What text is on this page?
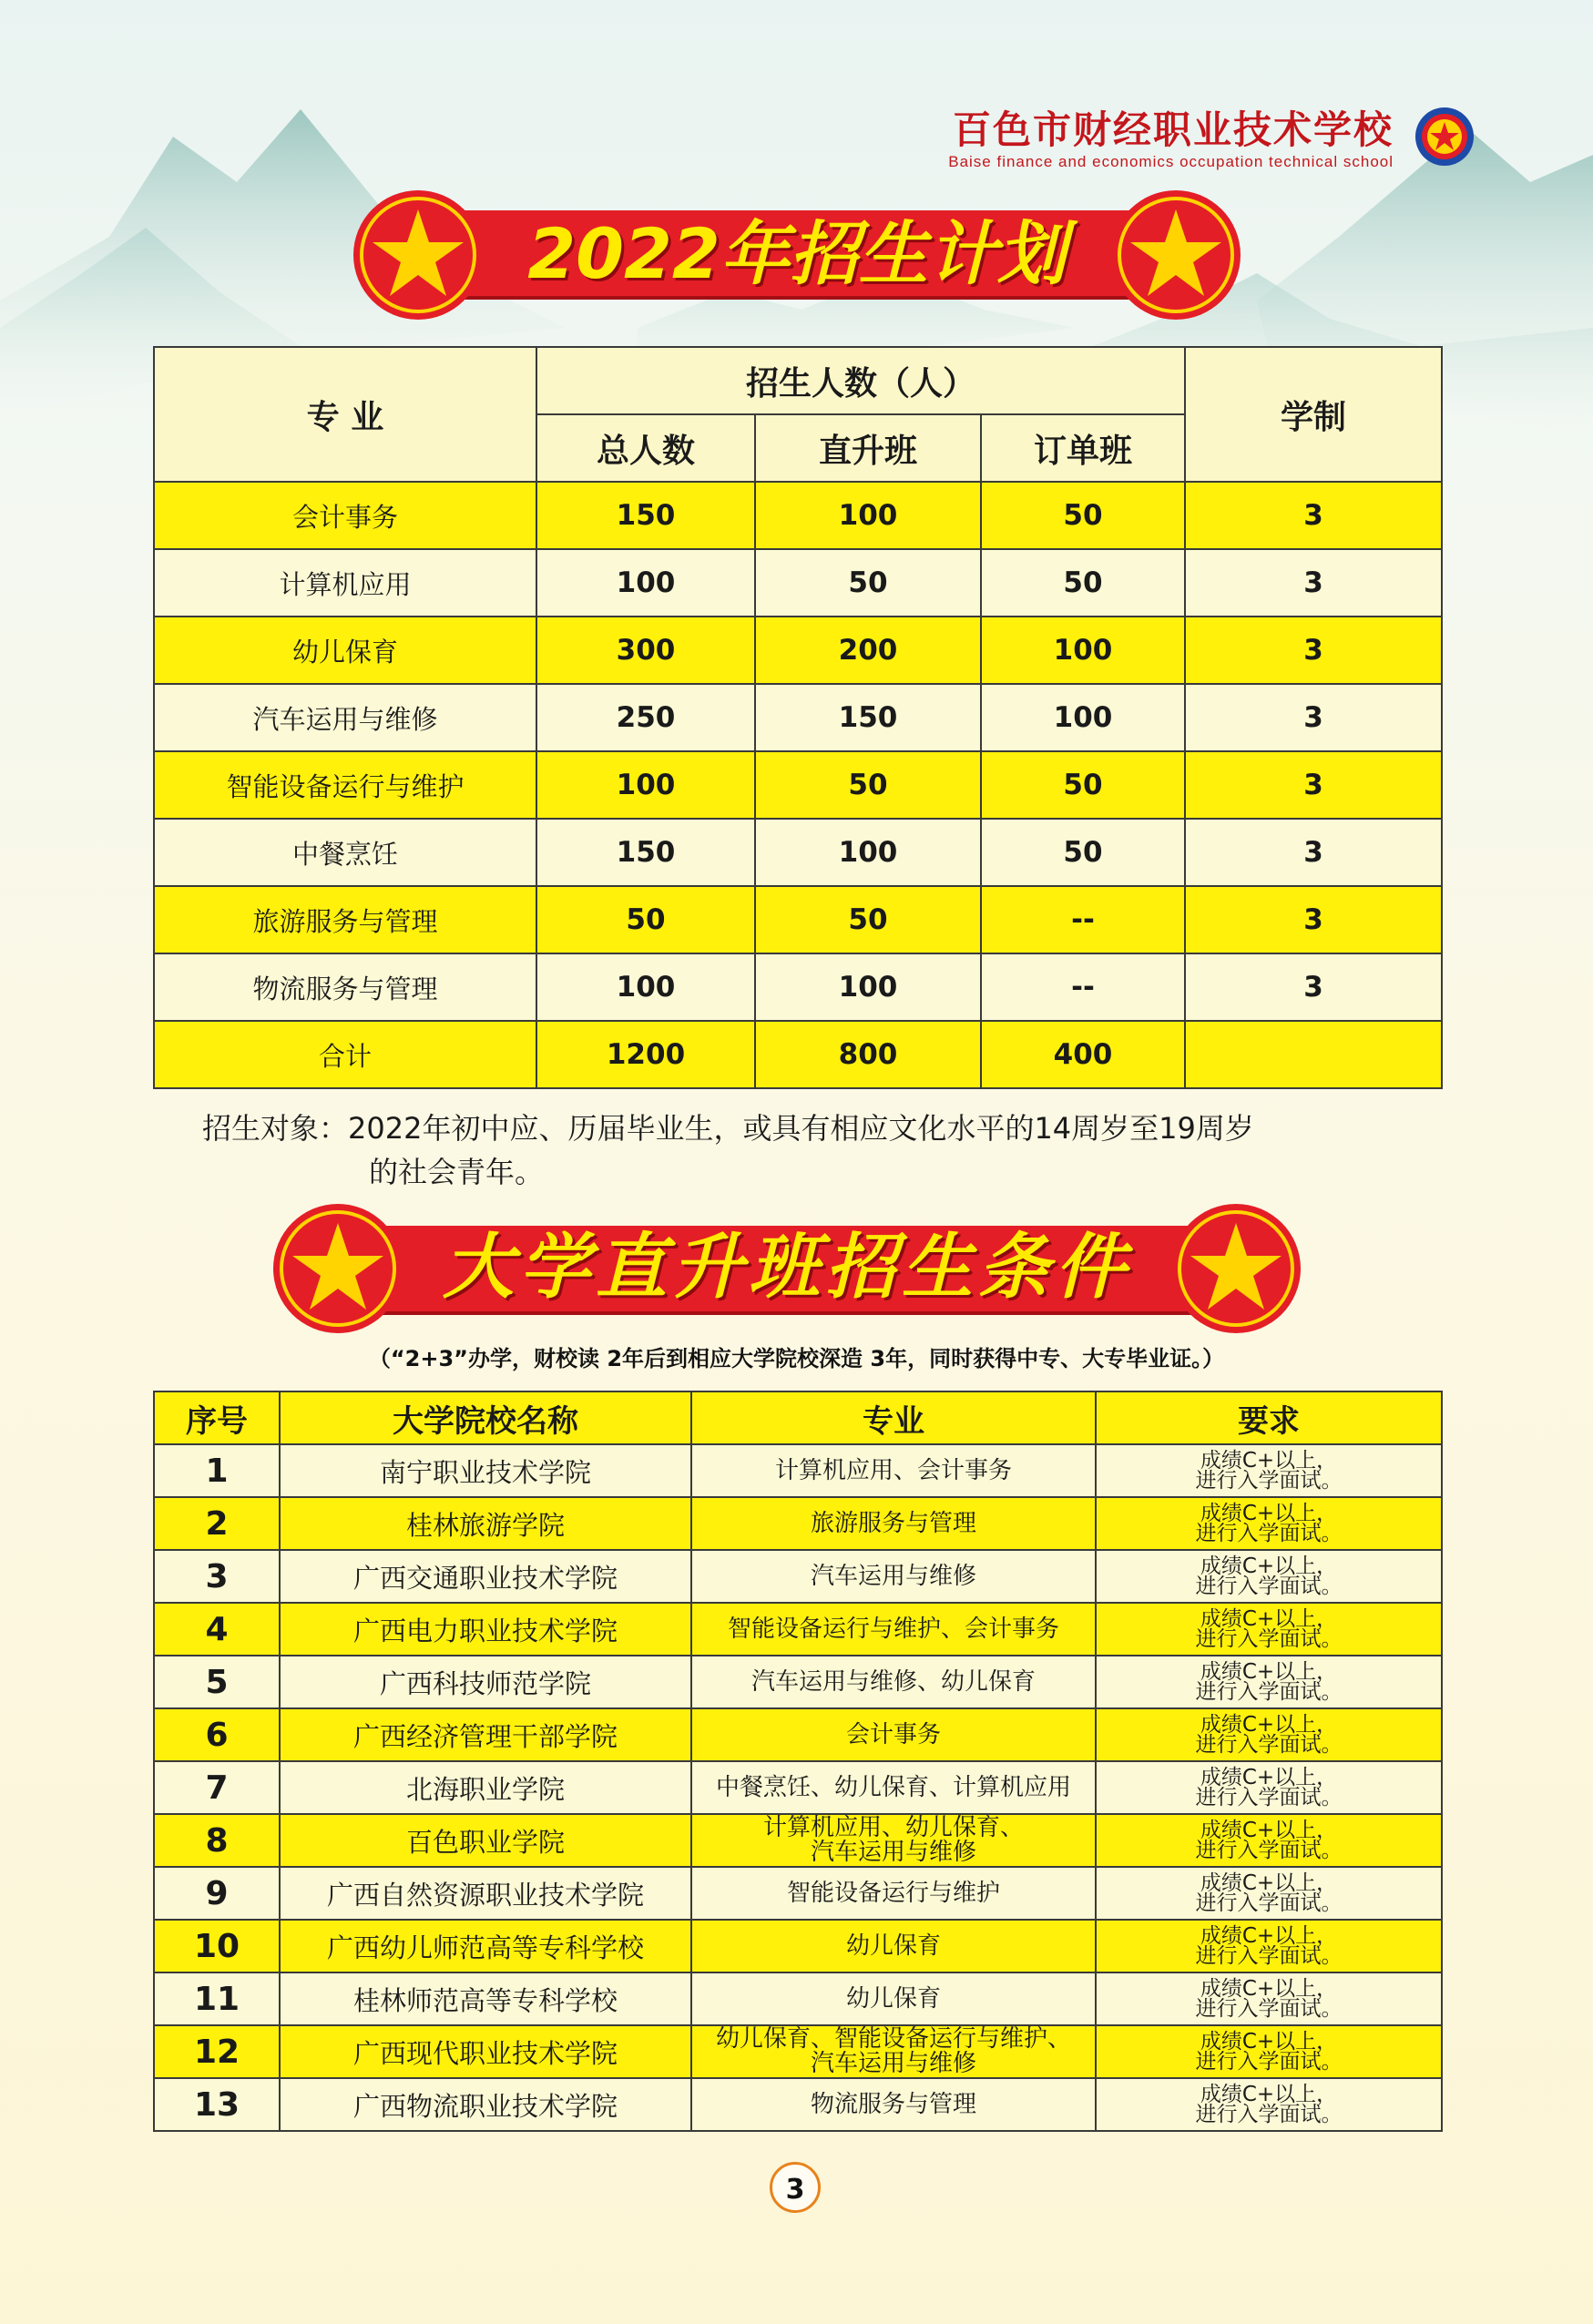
百色市财经职业技术学校
Baise finance and economics occupation technical school
2022年招生计划
专 业	招生人数（人）			学制
	总人数	直升班	订单班	
会计事务	150	100	50	3
计算机应用	100	50	50	3
幼儿保育	300	200	100	3
汽车运用与维修	250	150	100	3
智能设备运行与维护	100	50	50	3
中餐烹饪	150	100	50	3
旅游服务与管理	50	50	--	3
物流服务与管理	100	100	--	3
合计	1200	800	400	
招生对象：2022年初中应、历届毕业生，或具有相应文化水平的14周岁至19周岁
的社会青年。
大学直升班招生条件
（“2+3”办学，财校读 2年后到相应大学院校深造 3年，同时获得中专、大专毕业证。）
序号	大学院校名称	专业	要求
1	南宁职业技术学院	计算机应用、会计事务	成绩C+以上，
进行入学面试。
2	桂林旅游学院	旅游服务与管理	成绩C+以上，
进行入学面试。
3	广西交通职业技术学院	汽车运用与维修	成绩C+以上，
进行入学面试。
4	广西电力职业技术学院	智能设备运行与维护、会计事务	成绩C+以上，
进行入学面试。
5	广西科技师范学院	汽车运用与维修、幼儿保育	成绩C+以上，
进行入学面试。
6	广西经济管理干部学院	会计事务	成绩C+以上，
进行入学面试。
7	北海职业学院	中餐烹饪、幼儿保育、计算机应用	成绩C+以上，
进行入学面试。
8	百色职业学院	计算机应用、幼儿保育、
汽车运用与维修	成绩C+以上，
进行入学面试。
9	广西自然资源职业技术学院	智能设备运行与维护	成绩C+以上，
进行入学面试。
10	广西幼儿师范高等专科学校	幼儿保育	成绩C+以上，
进行入学面试。
11	桂林师范高等专科学校	幼儿保育	成绩C+以上，
进行入学面试。
12	广西现代职业技术学院	幼儿保育、智能设备运行与维护、
汽车运用与维修	成绩C+以上，
进行入学面试。
13	广西物流职业技术学院	物流服务与管理	成绩C+以上，
进行入学面试。
3
